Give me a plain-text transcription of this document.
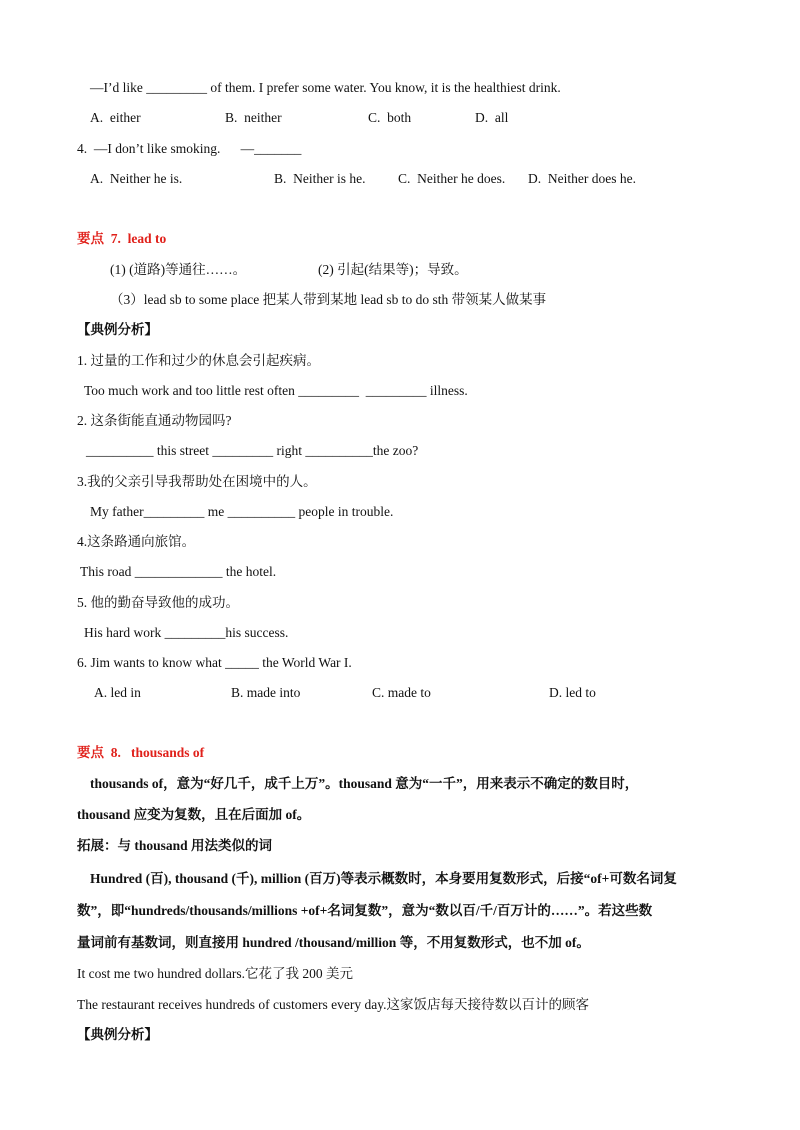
—I’d like _________ of them. I prefer some water. You know, it is the healthiest drink.
A.  either	B.  neither	C.  both	D.  all
4.  —I don’t like smoking.      —_______
A.  Neither he is.	B.  Neither is he. C.  Neither he does. D.  Neither does he.
要点  7.  lead to
(1) (道路)等通往……。	(2) 引起(结果等)；导致。
（3）lead sb to some place 把某人带到某地 lead sb to do sth 带领某人做某事
【典例分析】
1. 过量的工作和过少的休息会引起疾病。
Too much work and too little rest often _________  _________ illness.
2. 这条街能直通动物园吗?
__________ this street _________ right __________the zoo?
3.我的父亲引导我帮助处在困境中的人。
My father_________ me __________ people in trouble.
4.这条路通向旅馆。
This road _____________ the hotel.
5. 他的勤奋导致他的成功。
His hard work _________his success.
6. Jim wants to know what _____ the World War I.
A. led in	B. made into	C. made to	D. led to
要点  8.   thousands of
thousands of，意为“好几千，成千上万”。thousand 意为“一千”，用来表示不确定的数目时，
thousand 应变为复数，且在后面加 of。
拓展：与 thousand 用法类似的词
Hundred (百), thousand (千), million (百万)等表示概数时，本身要用复数形式，后接“of+可数名词复
数”，即“hundreds/thousands/millions +of+名词复数”，意为“数以百/千/百万计的……”。若这些数
量词前有基数词，则直接用 hundred /thousand/million 等，不用复数形式，也不加 of。
It cost me two hundred dollars.它花了我 200 美元
The restaurant receives hundreds of customers every day.这家饭店每天接待数以百计的顾客
【典例分析】
